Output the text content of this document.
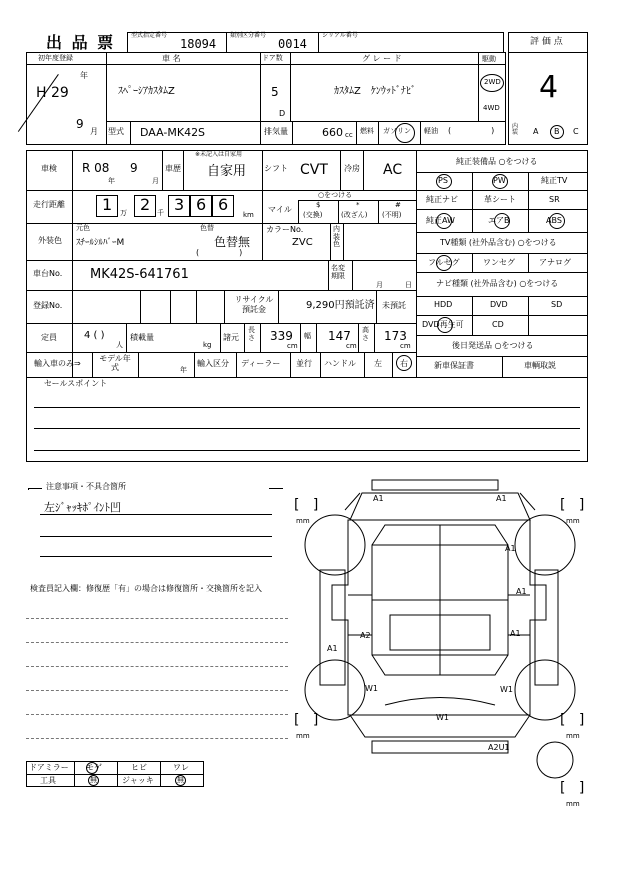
出 品 票	型式指定番号
18094
類別区分番号
0014
シリアル番号
評 価 点
4
初年度登録
H 29
年
9
月
車 名
ｽﾍﾟｰｼｱｶｽﾀﾑZ
ドア数
5
D
グ レ ー ド
ｶｽﾀﾑZ　ｹﾝｳｯﾄﾞﾅﾋﾞ
駆動
2WD
4WD
型式 DAA-MK42S	排気量	660 cc 燃料 ガソリン 軽油 (　　　　　)	内装 A B C
車検 R 08
年
9
月
車歴
※未記入は自家用
自家用 シフト CVT 冷房 AC
走行距離 1 万 2 千 3 6 6
km
マイル
○をつける
$
(交換)
*
(改ざん)
#
(不明)
外装色
元色
ｽﾁｰﾙｼﾙﾊﾞｰM
色替
色替無
(　　　　　)
カラーNo.
ZVC
内装色
車台No. MK42S-641761	名変期限
月	日
登録No.
リサイクル預託金	9,290円預託済 未預託
定員	4 ( )
人
積載量
kg
諸元
長さ 339
cm
幅 147
cm
高さ 173
cm
輸入車のみ⇒
モデル年式	年
輸入区分 ディーラー 並行 ハンドル 左 右
純正装備品 ○をつける
PS	PW	純正TV
純正ナビ	革シート	SR
純正AW	エアB	ABS
TV種類 (社外品含む) ○をつける
フルセグ	ワンセグ	アナログ
ナビ種類 (社外品含む) ○をつける
HDD	DVD	SD
DVD再生可	CD
後日発送品 ○をつける
新車保証書	車輌取説
セールスポイント
注意事項・不具合箇所
左ｼﾞｬｯｷﾎﾟｲﾝﾄ凹
検査員記入欄：修復歴「有」の場合は修復箇所・交換箇所を記入
ドアミラー モゲ	ヒビ	ワレ
工具	無	ジャッキ	無
A1	A1
A1
A1
A2
A1
A1
W1	W1
W1
A2U1
[   ]
mm
[   ]
mm
[   ]
mm
[   ]
mm
[   ]
mm
